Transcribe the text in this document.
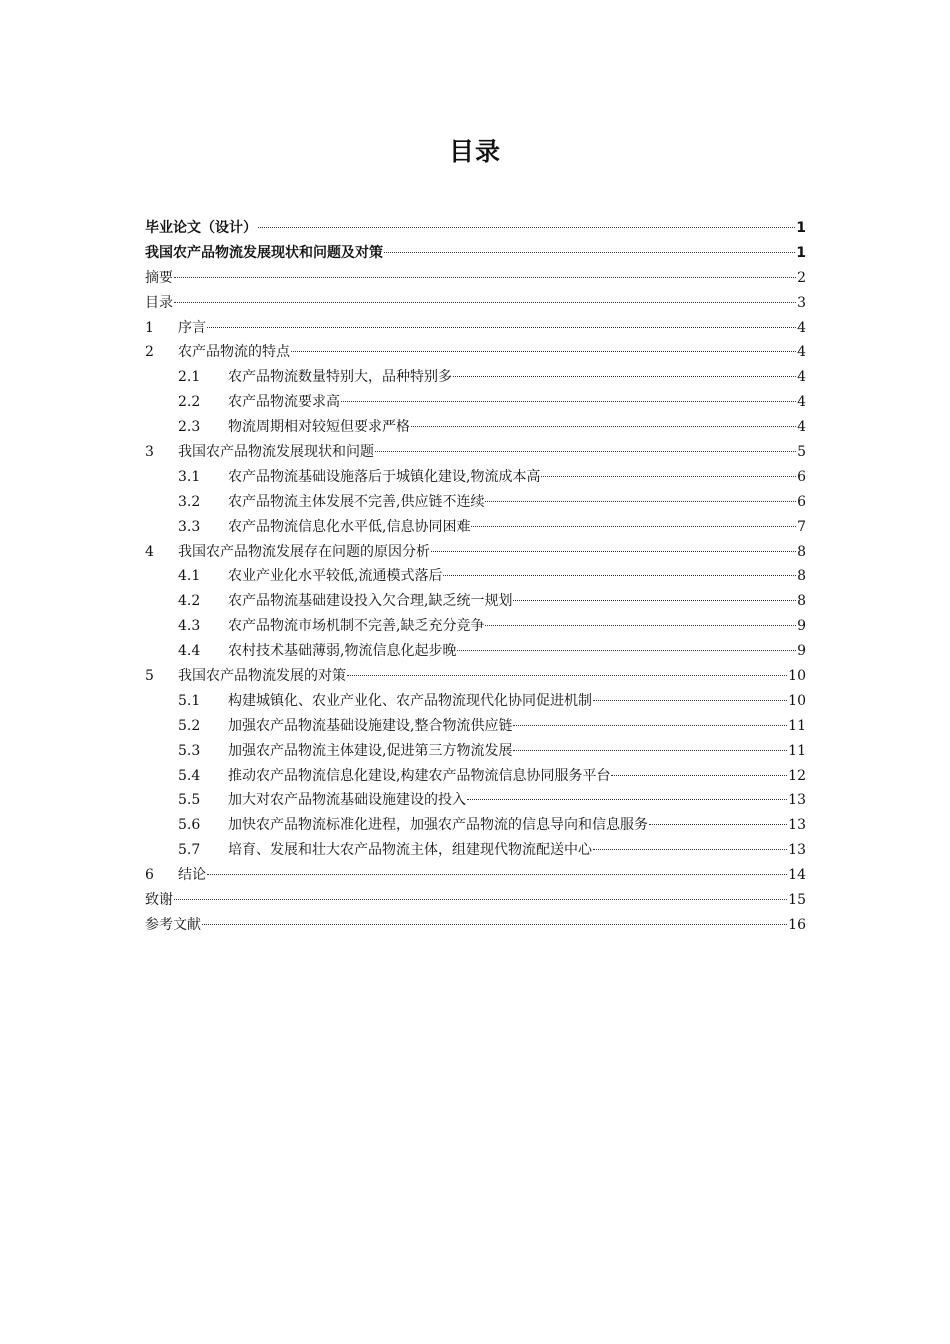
目录
毕业论文（设计）	1
我国农产品物流发展现状和问题及对策	1
摘要	2
目录	3
1	序言	4
2	农产品物流的特点	4
2.1	农产品物流数量特别大，品种特别多	4
2.2	农产品物流要求高	4
2.3	物流周期相对较短但要求严格	4
3	我国农产品物流发展现状和问题	5
3.1	农产品物流基础设施落后于城镇化建设,物流成本高	6
3.2	农产品物流主体发展不完善,供应链不连续	6
3.3	农产品物流信息化水平低,信息协同困难	7
4	我国农产品物流发展存在问题的原因分析	8
4.1	农业产业化水平较低,流通模式落后	8
4.2	农产品物流基础建设投入欠合理,缺乏统一规划	8
4.3	农产品物流市场机制不完善,缺乏充分竞争	9
4.4	农村技术基础薄弱,物流信息化起步晚	9
5	我国农产品物流发展的对策	10
5.1	构建城镇化、农业产业化、农产品物流现代化协同促进机制	10
5.2	加强农产品物流基础设施建设,整合物流供应链	11
5.3	加强农产品物流主体建设,促进第三方物流发展	11
5.4	推动农产品物流信息化建设,构建农产品物流信息协同服务平台	12
5.5	加大对农产品物流基础设施建设的投入	13
5.6	加快农产品物流标准化进程，加强农产品物流的信息导向和信息服务	13
5.7	培育、发展和壮大农产品物流主体，组建现代物流配送中心	13
6	结论	14
致谢	15
参考文献	16
